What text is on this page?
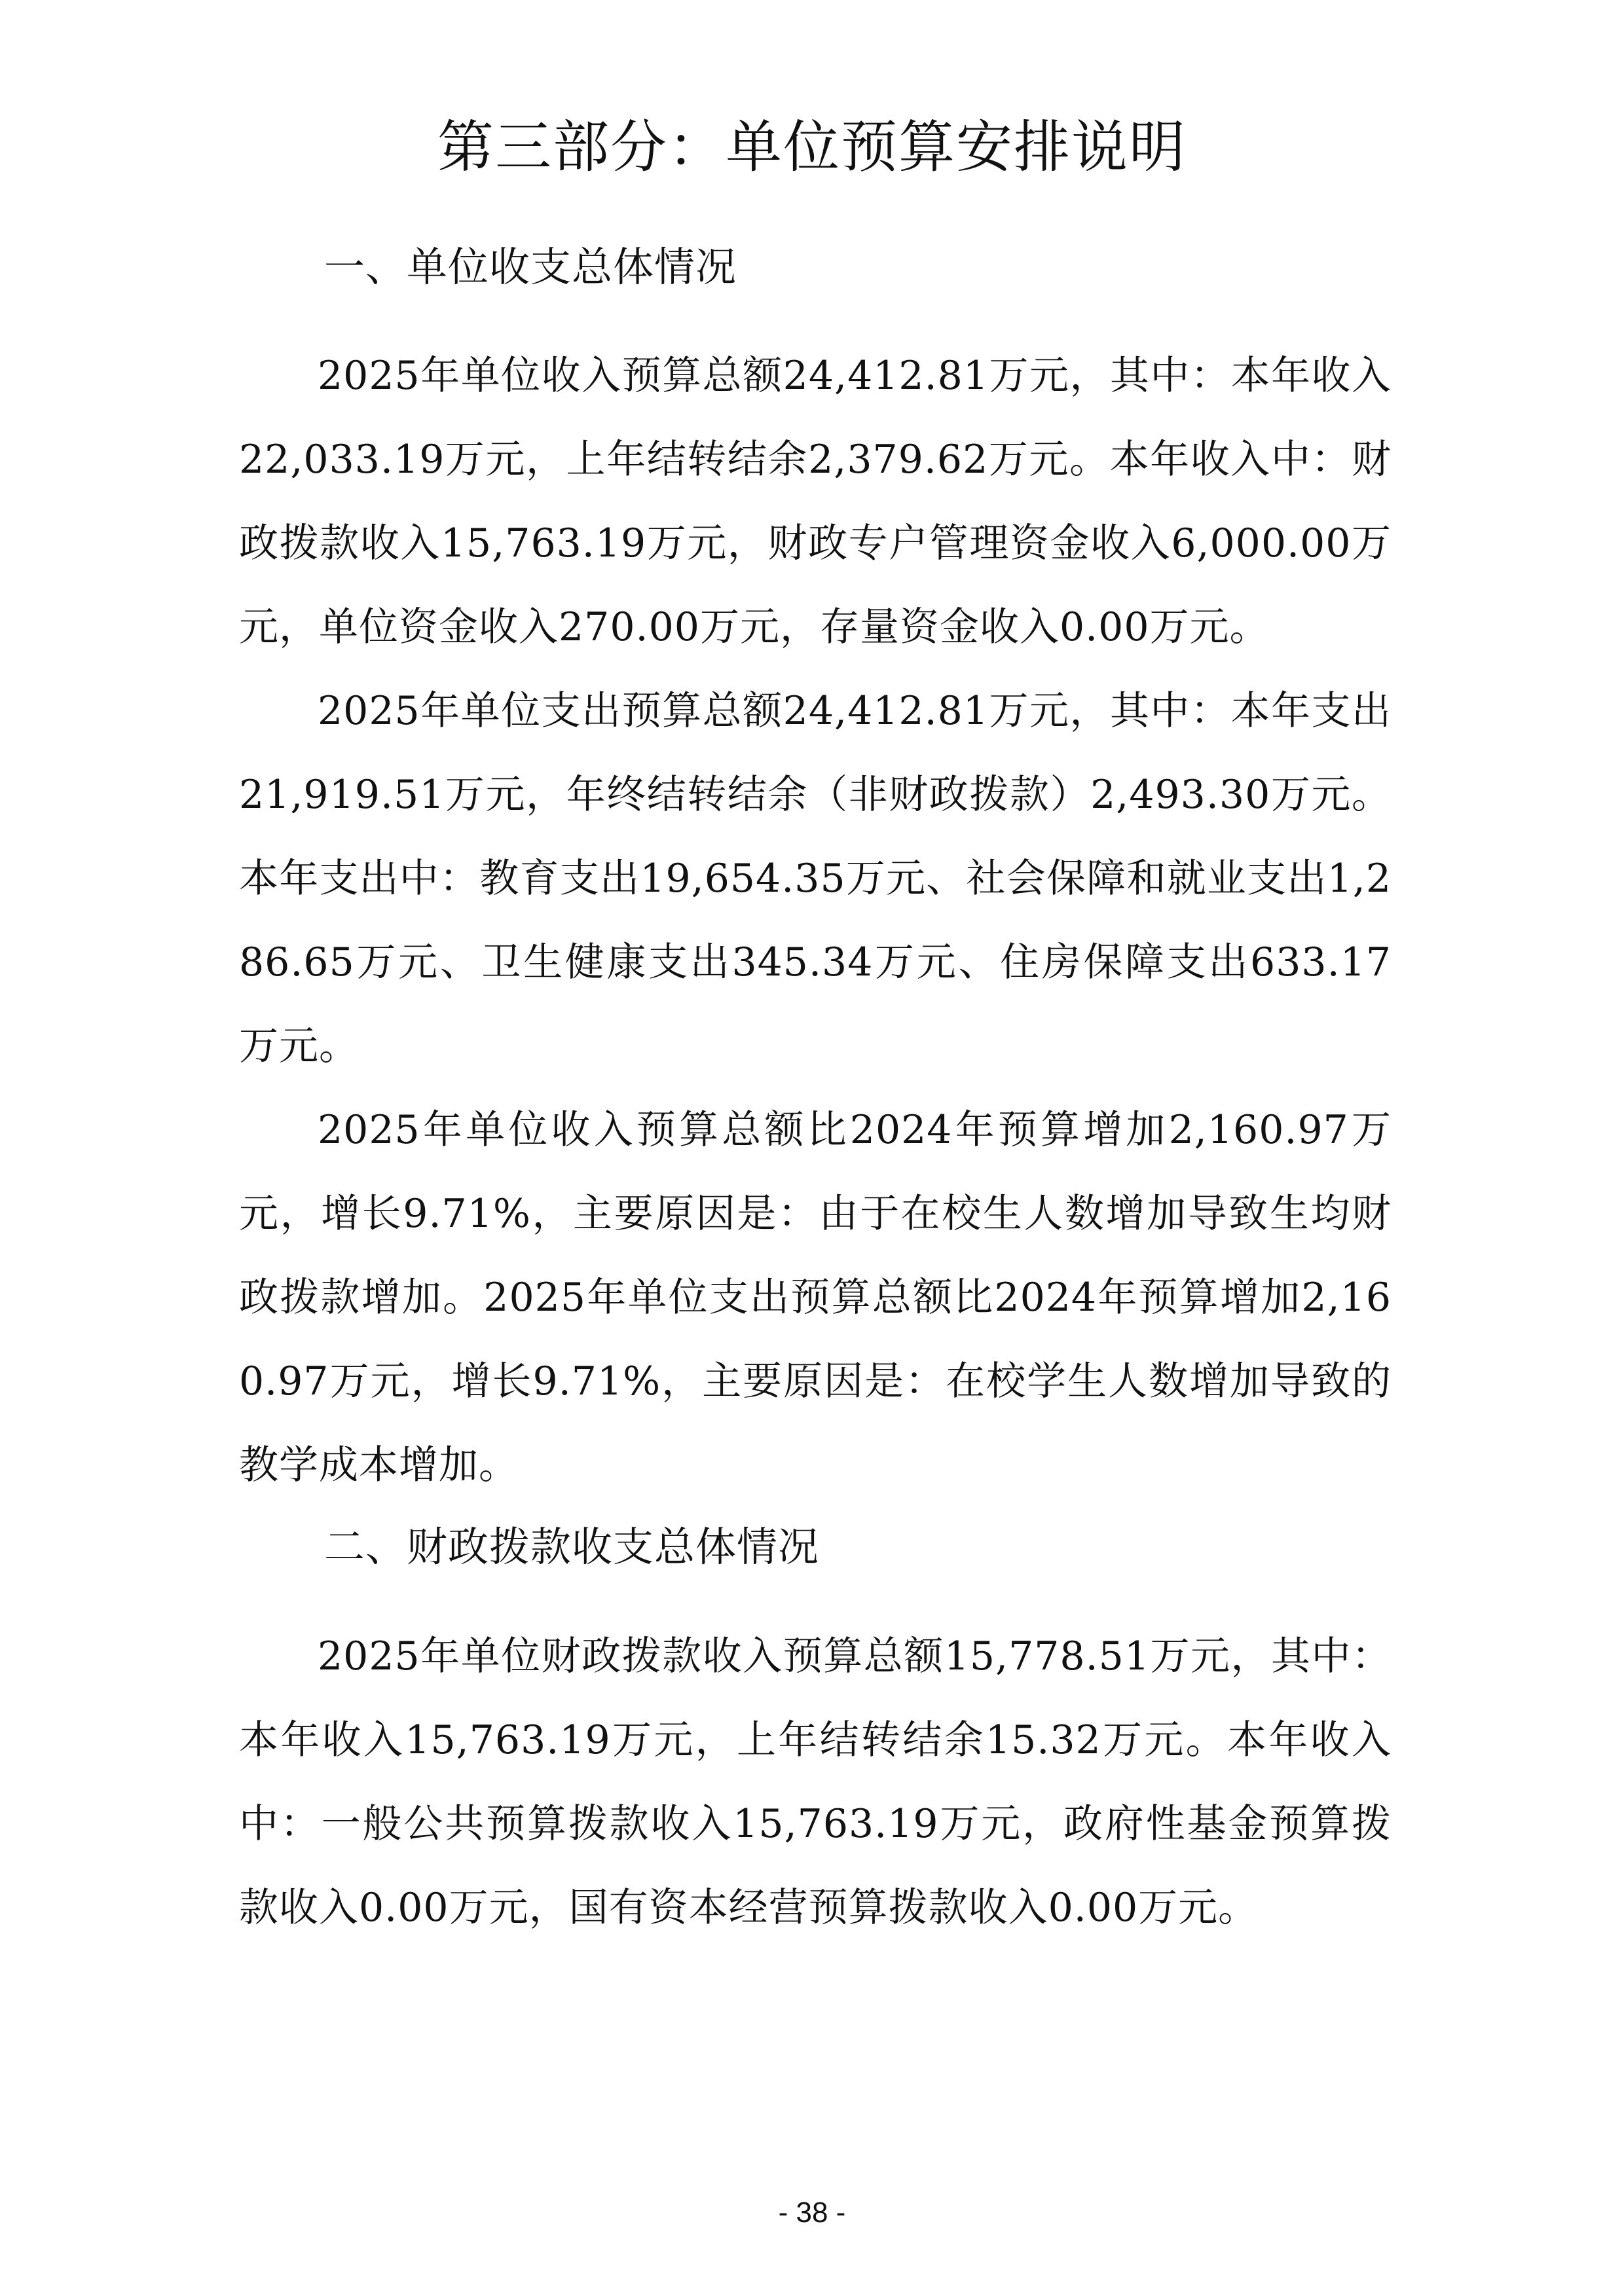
第三部分：单位预算安排说明
一、单位收支总体情况

2025年单位收入预算总额24,412.81万元，其中：本年收入22,033.19万元，上年结转结余2,379.62万元。本年收入中：财政拨款收入15,763.19万元，财政专户管理资金收入6,000.00万元，单位资金收入270.00万元，存量资金收入0.00万元。

2025年单位支出预算总额24,412.81万元，其中：本年支出21,919.51万元，年终结转结余（非财政拨款）2,493.30万元。本年支出中：教育支出19,654.35万元、社会保障和就业支出1,286.65万元、卫生健康支出345.34万元、住房保障支出633.17万元。

2025年单位收入预算总额比2024年预算增加2,160.97万元，增长9.71%，主要原因是：由于在校生人数增加导致生均财政拨款增加。2025年单位支出预算总额比2024年预算增加2,160.97万元，增长9.71%，主要原因是：在校学生人数增加导致的教学成本增加。

二、财政拨款收支总体情况

2025年单位财政拨款收入预算总额15,778.51万元，其中：本年收入15,763.19万元，上年结转结余15.32万元。本年收入中：一般公共预算拨款收入15,763.19万元，政府性基金预算拨款收入0.00万元，国有资本经营预算拨款收入0.00万元。

- 38 -
